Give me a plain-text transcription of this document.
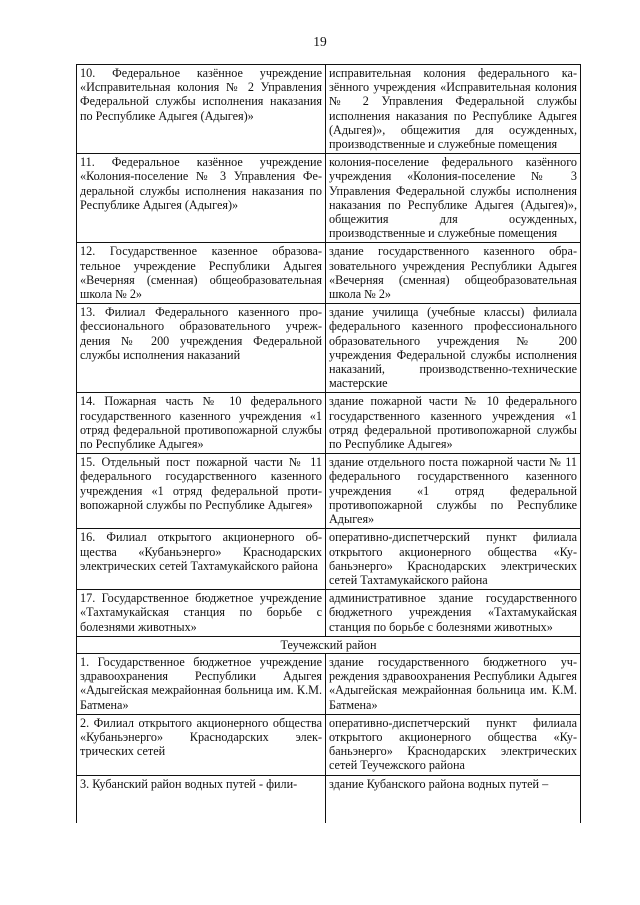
19
10. Федеральное казённое учреждение «Исправительная колония № 2 Управления Федеральной службы исполнения наказания по Республике Адыгея (Адыгея)»	исправительная колония федерального казённого учреждения «Исправительная колония № 2 Управления Федеральной службы исполнения наказания по Республике Адыгея (Адыгея)», общежития для осужденных, производственные и служебные помещения
11. Федеральное казённое учреждение «Колония-поселение № 3 Управления Федеральной службы исполнения наказания по Республике Адыгея (Адыгея)»	колония-поселение федерального казённого учреждения «Колония-поселение № 3 Управления Федеральной службы исполнения наказания по Республике Адыгея (Адыгея)», общежития для осужденных, производственные и служебные помещения
12. Государственное казенное образовательное учреждение Республики Адыгея «Вечерняя (сменная) общеобразовательная школа № 2»	здание государственного казенного образовательного учреждения Республики Адыгея «Вечерняя (сменная) общеобразовательная школа № 2»
13. Филиал Федерального казенного профессионального образовательного учреждения № 200 учреждения Федеральной службы исполнения наказаний	здание училища (учебные классы) филиала федерального казенного профессионального образовательного учреждения № 200 учреждения Федеральной службы исполнения наказаний, производственно-технические мастерские
14. Пожарная часть № 10 федерального государственного казенного учреждения «1 отряд федеральной противопожарной службы по Республике Адыгея»	здание пожарной части № 10 федерального государственного казенного учреждения «1 отряд федеральной противопожарной службы по Республике Адыгея»
15. Отдельный пост пожарной части № 11 федерального государственного казенного учреждения «1 отряд федеральной противопожарной службы по Республике Адыгея»	здание отдельного поста пожарной части № 11 федерального государственного казенного учреждения «1 отряд федеральной противопожарной службы по Республике Адыгея»
16. Филиал открытого акционерного общества «Кубаньэнерго» Краснодарских электрических сетей Тахтамукайского района	оперативно-диспетчерский пункт филиала открытого акционерного общества «Кубаньэнерго» Краснодарских электрических сетей Тахтамукайского района
17. Государственное бюджетное учреждение «Тахтамукайская станция по борьбе с болезнями животных»	административное здание государственного бюджетного учреждения «Тахтамукайская станция по борьбе с болезнями животных»
Теучежский район	
1. Государственное бюджетное учреждение здравоохранения Республики Адыгея «Адыгейская межрайонная больница им. К.М. Батмена»	здание государственного бюджетного учреждения здравоохранения Республики Адыгея «Адыгейская межрайонная больница им. К.М. Батмена»
2. Филиал открытого акционерного общества «Кубаньэнерго» Краснодарских электрических сетей	оперативно-диспетчерский пункт филиала открытого акционерного общества «Кубаньэнерго» Краснодарских электрических сетей Теучежского района
3. Кубанский район водных путей - фили-	здание Кубанского района водных путей –
